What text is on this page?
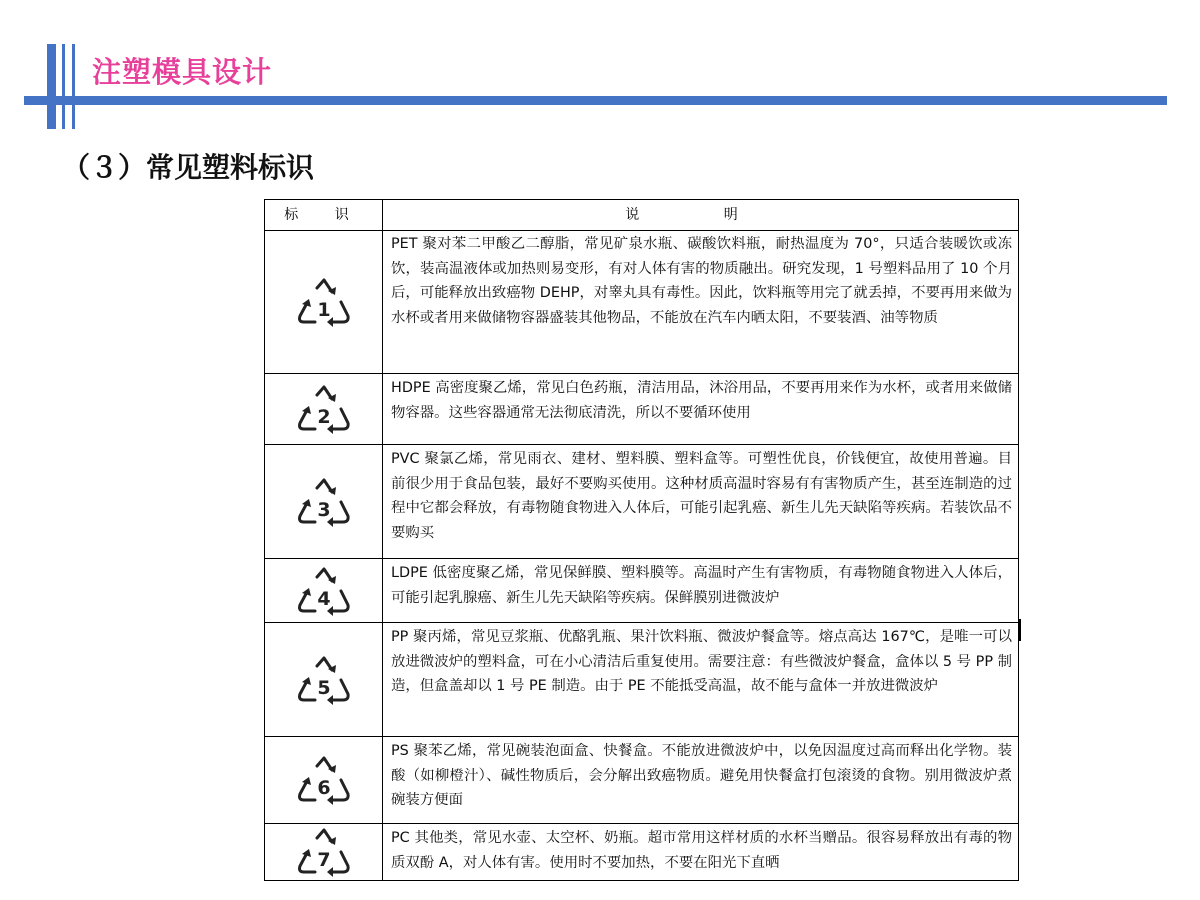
注塑模具设计
（３）常见塑料标识
标 识	说 明
1
PET 聚对苯二甲酸乙二醇脂，常见矿泉水瓶、碳酸饮料瓶，耐热温度为 70°，只适合装暖饮或冻饮，装高温液体或加热则易变形，有对人体有害的物质融出。研究发现，1 号塑料品用了 10 个月后，可能释放出致癌物 DEHP，对睾丸具有毒性。因此，饮料瓶等用完了就丢掉，不要再用来做为水杯或者用来做储物容器盛装其他物品，不能放在汽车内晒太阳，不要装酒、油等物质
2
HDPE 高密度聚乙烯，常见白色药瓶，清洁用品，沐浴用品，不要再用来作为水杯，或者用来做储物容器。这些容器通常无法彻底清洗，所以不要循环使用
3
PVC 聚氯乙烯，常见雨衣、建材、塑料膜、塑料盒等。可塑性优良，价钱便宜，故使用普遍。目前很少用于食品包装，最好不要购买使用。这种材质高温时容易有有害物质产生，甚至连制造的过程中它都会释放，有毒物随食物进入人体后，可能引起乳癌、新生儿先天缺陷等疾病。若装饮品不要购买
4
LDPE 低密度聚乙烯，常见保鲜膜、塑料膜等。高温时产生有害物质，有毒物随食物进入人体后，可能引起乳腺癌、新生儿先天缺陷等疾病。保鲜膜别进微波炉
5
PP 聚丙烯，常见豆浆瓶、优酪乳瓶、果汁饮料瓶、微波炉餐盒等。熔点高达 167℃，是唯一可以放进微波炉的塑料盒，可在小心清洁后重复使用。需要注意：有些微波炉餐盒，盒体以 5 号 PP 制造，但盒盖却以 1 号 PE 制造。由于 PE 不能抵受高温，故不能与盒体一并放进微波炉
6
PS 聚苯乙烯，常见碗装泡面盒、快餐盒。不能放进微波炉中，以免因温度过高而释出化学物。装酸（如柳橙汁）、碱性物质后，会分解出致癌物质。避免用快餐盒打包滚烫的食物。别用微波炉煮碗装方便面
7
PC 其他类，常见水壶、太空杯、奶瓶。超市常用这样材质的水杯当赠品。很容易释放出有毒的物质双酚 A，对人体有害。使用时不要加热，不要在阳光下直晒
